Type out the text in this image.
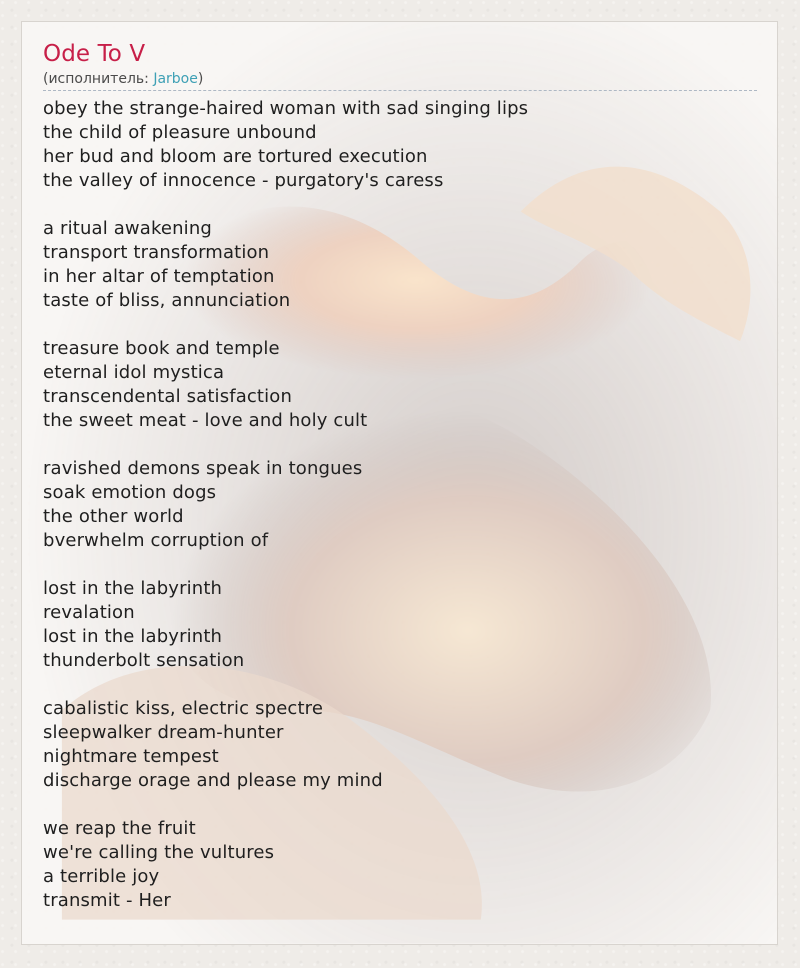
Ode To V
(исполнитель: Jarboe)
obey the strange-haired woman with sad singing lips
the child of pleasure unbound
her bud and bloom are tortured execution
the valley of innocence - purgatory's caress
a ritual awakening
transport transformation
in her altar of temptation
taste of bliss, annunciation
treasure book and temple
eternal idol mystica
transcendental satisfaction
the sweet meat - love and holy cult
ravished demons speak in tongues
soak emotion dogs
the other world
bverwhelm corruption of
lost in the labyrinth
revalation
lost in the labyrinth
thunderbolt sensation
cabalistic kiss, electric spectre
sleepwalker dream-hunter
nightmare tempest
discharge orage and please my mind
we reap the fruit
we're calling the vultures
a terrible joy
transmit - Her
